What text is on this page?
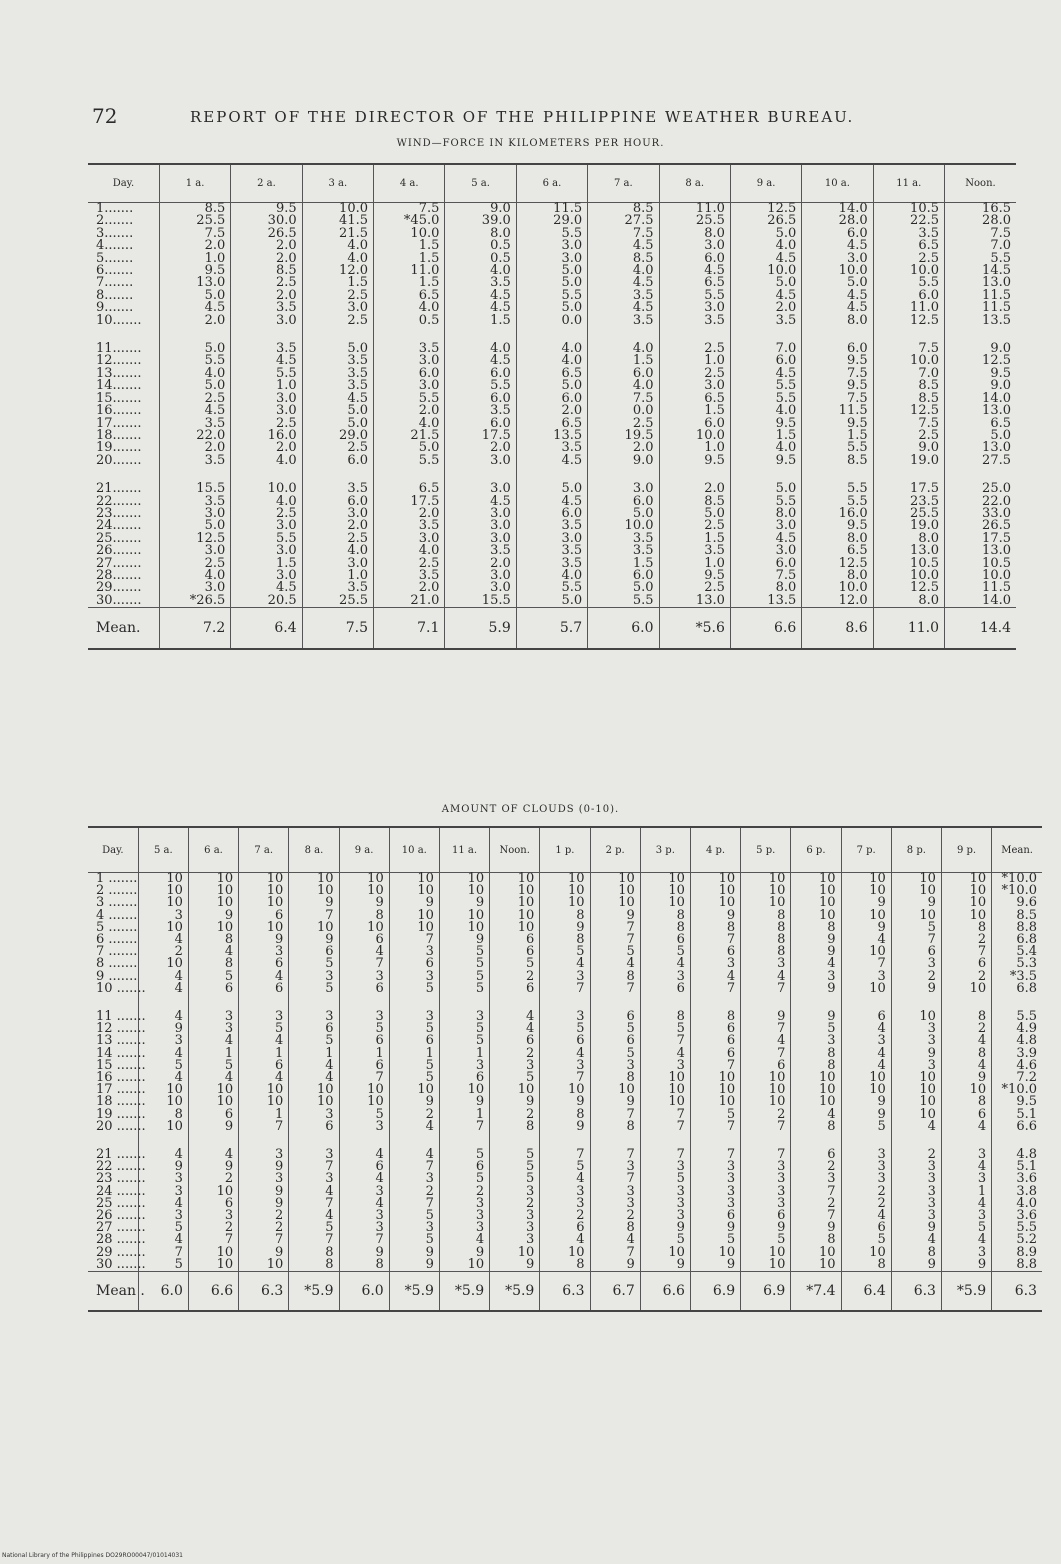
72	REPORT OF THE DIRECTOR OF THE PHILIPPINE WEATHER BUREAU.
WIND—FORCE IN KILOMETERS PER HOUR.
Day.	1 a.	2 a.	3 a.	4 a.	5 a.	6 a.	7 a.	8 a.	9 a.	10 a.	11 a.	Noon.
1.......	8.5	9.5	10.0	7.5	9.0	11.5	8.5	11.0	12.5	14.0	10.5	16.5
2.......	25.5	30.0	41.5	*45.0	39.0	29.0	27.5	25.5	26.5	28.0	22.5	28.0
3.......	7.5	26.5	21.5	10.0	8.0	5.5	7.5	8.0	5.0	6.0	3.5	7.5
4.......	2.0	2.0	4.0	1.5	0.5	3.0	4.5	3.0	4.0	4.5	6.5	7.0
5.......	1.0	2.0	4.0	1.5	0.5	3.0	8.5	6.0	4.5	3.0	2.5	5.5
6.......	9.5	8.5	12.0	11.0	4.0	5.0	4.0	4.5	10.0	10.0	10.0	14.5
7.......	13.0	2.5	1.5	1.5	3.5	5.0	4.5	6.5	5.0	5.0	5.5	13.0
8.......	5.0	2.0	2.5	6.5	4.5	5.5	3.5	5.5	4.5	4.5	6.0	11.5
9.......	4.5	3.5	3.0	4.0	4.5	5.0	4.5	3.0	2.0	4.5	11.0	11.5
10.......	2.0	3.0	2.5	0.5	1.5	0.0	3.5	3.5	3.5	8.0	12.5	13.5

11.......	5.0	3.5	5.0	3.5	4.0	4.0	4.0	2.5	7.0	6.0	7.5	9.0
12.......	5.5	4.5	3.5	3.0	4.5	4.0	1.5	1.0	6.0	9.5	10.0	12.5
13.......	4.0	5.5	3.5	6.0	6.0	6.5	6.0	2.5	4.5	7.5	7.0	9.5
14.......	5.0	1.0	3.5	3.0	5.5	5.0	4.0	3.0	5.5	9.5	8.5	9.0
15.......	2.5	3.0	4.5	5.5	6.0	6.0	7.5	6.5	5.5	7.5	8.5	14.0
16.......	4.5	3.0	5.0	2.0	3.5	2.0	0.0	1.5	4.0	11.5	12.5	13.0
17.......	3.5	2.5	5.0	4.0	6.0	6.5	2.5	6.0	9.5	9.5	7.5	6.5
18.......	22.0	16.0	29.0	21.5	17.5	13.5	19.5	10.0	1.5	1.5	2.5	5.0
19.......	2.0	2.0	2.5	5.0	2.0	3.5	2.0	1.0	4.0	5.5	9.0	13.0
20.......	3.5	4.0	6.0	5.5	3.0	4.5	9.0	9.5	9.5	8.5	19.0	27.5

21.......	15.5	10.0	3.5	6.5	3.0	5.0	3.0	2.0	5.0	5.5	17.5	25.0
22.......	3.5	4.0	6.0	17.5	4.5	4.5	6.0	8.5	5.5	5.5	23.5	22.0
23.......	3.0	2.5	3.0	2.0	3.0	6.0	5.0	5.0	8.0	16.0	25.5	33.0
24.......	5.0	3.0	2.0	3.5	3.0	3.5	10.0	2.5	3.0	9.5	19.0	26.5
25.......	12.5	5.5	2.5	3.0	3.0	3.0	3.5	1.5	4.5	8.0	8.0	17.5
26.......	3.0	3.0	4.0	4.0	3.5	3.5	3.5	3.5	3.0	6.5	13.0	13.0
27.......	2.5	1.5	3.0	2.5	2.0	3.5	1.5	1.0	6.0	12.5	10.5	10.5
28.......	4.0	3.0	1.0	3.5	3.0	4.0	6.0	9.5	7.5	8.0	10.0	10.0
29.......	3.0	4.5	3.5	2.0	3.0	5.5	5.0	2.5	8.0	10.0	12.5	11.5
30.......	*26.5	20.5	25.5	21.0	15.5	5.0	5.5	13.0	13.5	12.0	8.0	14.0
Mean.	7.2	6.4	7.5	7.1	5.9	5.7	6.0	*5.6	6.6	8.6	11.0	14.4
AMOUNT OF CLOUDS (0-10).
Day.	5 a.	6 a.	7 a.	8 a.	9 a.	10 a.	11 a.	Noon.	1 p.	2 p.	3 p.	4 p.	5 p.	6 p.	7 p.	8 p.	9 p.	Mean.
1 .......	10	10	10	10	10	10	10	10	10	10	10	10	10	10	10	10	10	*10.0
2 .......	10	10	10	10	10	10	10	10	10	10	10	10	10	10	10	10	10	*10.0
3 .......	10	10	10	9	9	9	9	10	10	10	10	10	10	10	9	9	10	9.6
4 .......	3	9	6	7	8	10	10	10	8	9	8	9	8	10	10	10	10	8.5
5 .......	10	10	10	10	10	10	10	10	9	7	8	8	8	8	9	5	8	8.8
6 .......	4	8	9	9	6	7	9	6	8	7	6	7	8	9	4	7	2	6.8
7 .......	2	4	3	6	4	3	5	6	5	5	5	6	8	9	10	6	7	5.4
8 .......	10	8	6	5	7	6	5	5	4	4	4	3	3	4	7	3	6	5.3
9 .......	4	5	4	3	3	3	5	2	3	8	3	4	4	3	3	2	2	*3.5
10 .......	4	6	6	5	6	5	5	6	7	7	6	7	7	9	10	9	10	6.8

11 .......	4	3	3	3	3	3	3	4	3	6	8	8	9	9	6	10	8	5.5
12 .......	9	3	5	6	5	5	5	4	5	5	5	6	7	5	4	3	2	4.9
13 .......	3	4	4	5	6	6	5	6	6	6	7	6	4	3	3	3	4	4.8
14 .......	4	1	1	1	1	1	1	2	4	5	4	6	7	8	4	9	8	3.9
15 .......	5	5	6	4	6	5	3	3	3	3	3	7	6	8	4	3	4	4.6
16 .......	4	4	4	4	7	5	6	5	7	8	10	10	10	10	10	10	9	7.2
17 .......	10	10	10	10	10	10	10	10	10	10	10	10	10	10	10	10	10	*10.0
18 .......	10	10	10	10	10	9	9	9	9	9	10	10	10	10	9	10	8	9.5
19 .......	8	6	1	3	5	2	1	2	8	7	7	5	2	4	9	10	6	5.1
20 .......	10	9	7	6	3	4	7	8	9	8	7	7	7	8	5	4	4	6.6

21 .......	4	4	3	3	4	4	5	5	7	7	7	7	7	6	3	2	3	4.8
22 .......	9	9	9	7	6	7	6	5	5	3	3	3	3	2	3	3	4	5.1
23 .......	3	2	3	3	4	3	5	5	4	7	5	3	3	3	3	3	3	3.6
24 .......	3	10	9	4	3	2	2	3	3	3	3	3	3	7	2	3	1	3.8
25 .......	4	6	9	7	4	7	3	2	3	3	3	3	3	2	2	3	4	4.0
26 .......	3	3	2	4	3	5	3	3	2	2	3	6	6	7	4	3	3	3.6
27 .......	5	2	2	5	3	3	3	3	6	8	9	9	9	9	6	9	5	5.5
28 .......	4	7	7	7	7	5	4	3	4	4	5	5	5	8	5	4	4	5.2
29 .......	7	10	9	8	9	9	9	10	10	7	10	10	10	10	10	8	3	8.9
30 .......	5	10	10	8	8	9	10	9	8	9	9	9	10	10	8	9	9	8.8
Mean .	6.0	6.6	6.3	*5.9	6.0	*5.9	*5.9	*5.9	6.3	6.7	6.6	6.9	6.9	*7.4	6.4	6.3	*5.9	6.3
National Library of the Philippines DO29RO00047/01014031
